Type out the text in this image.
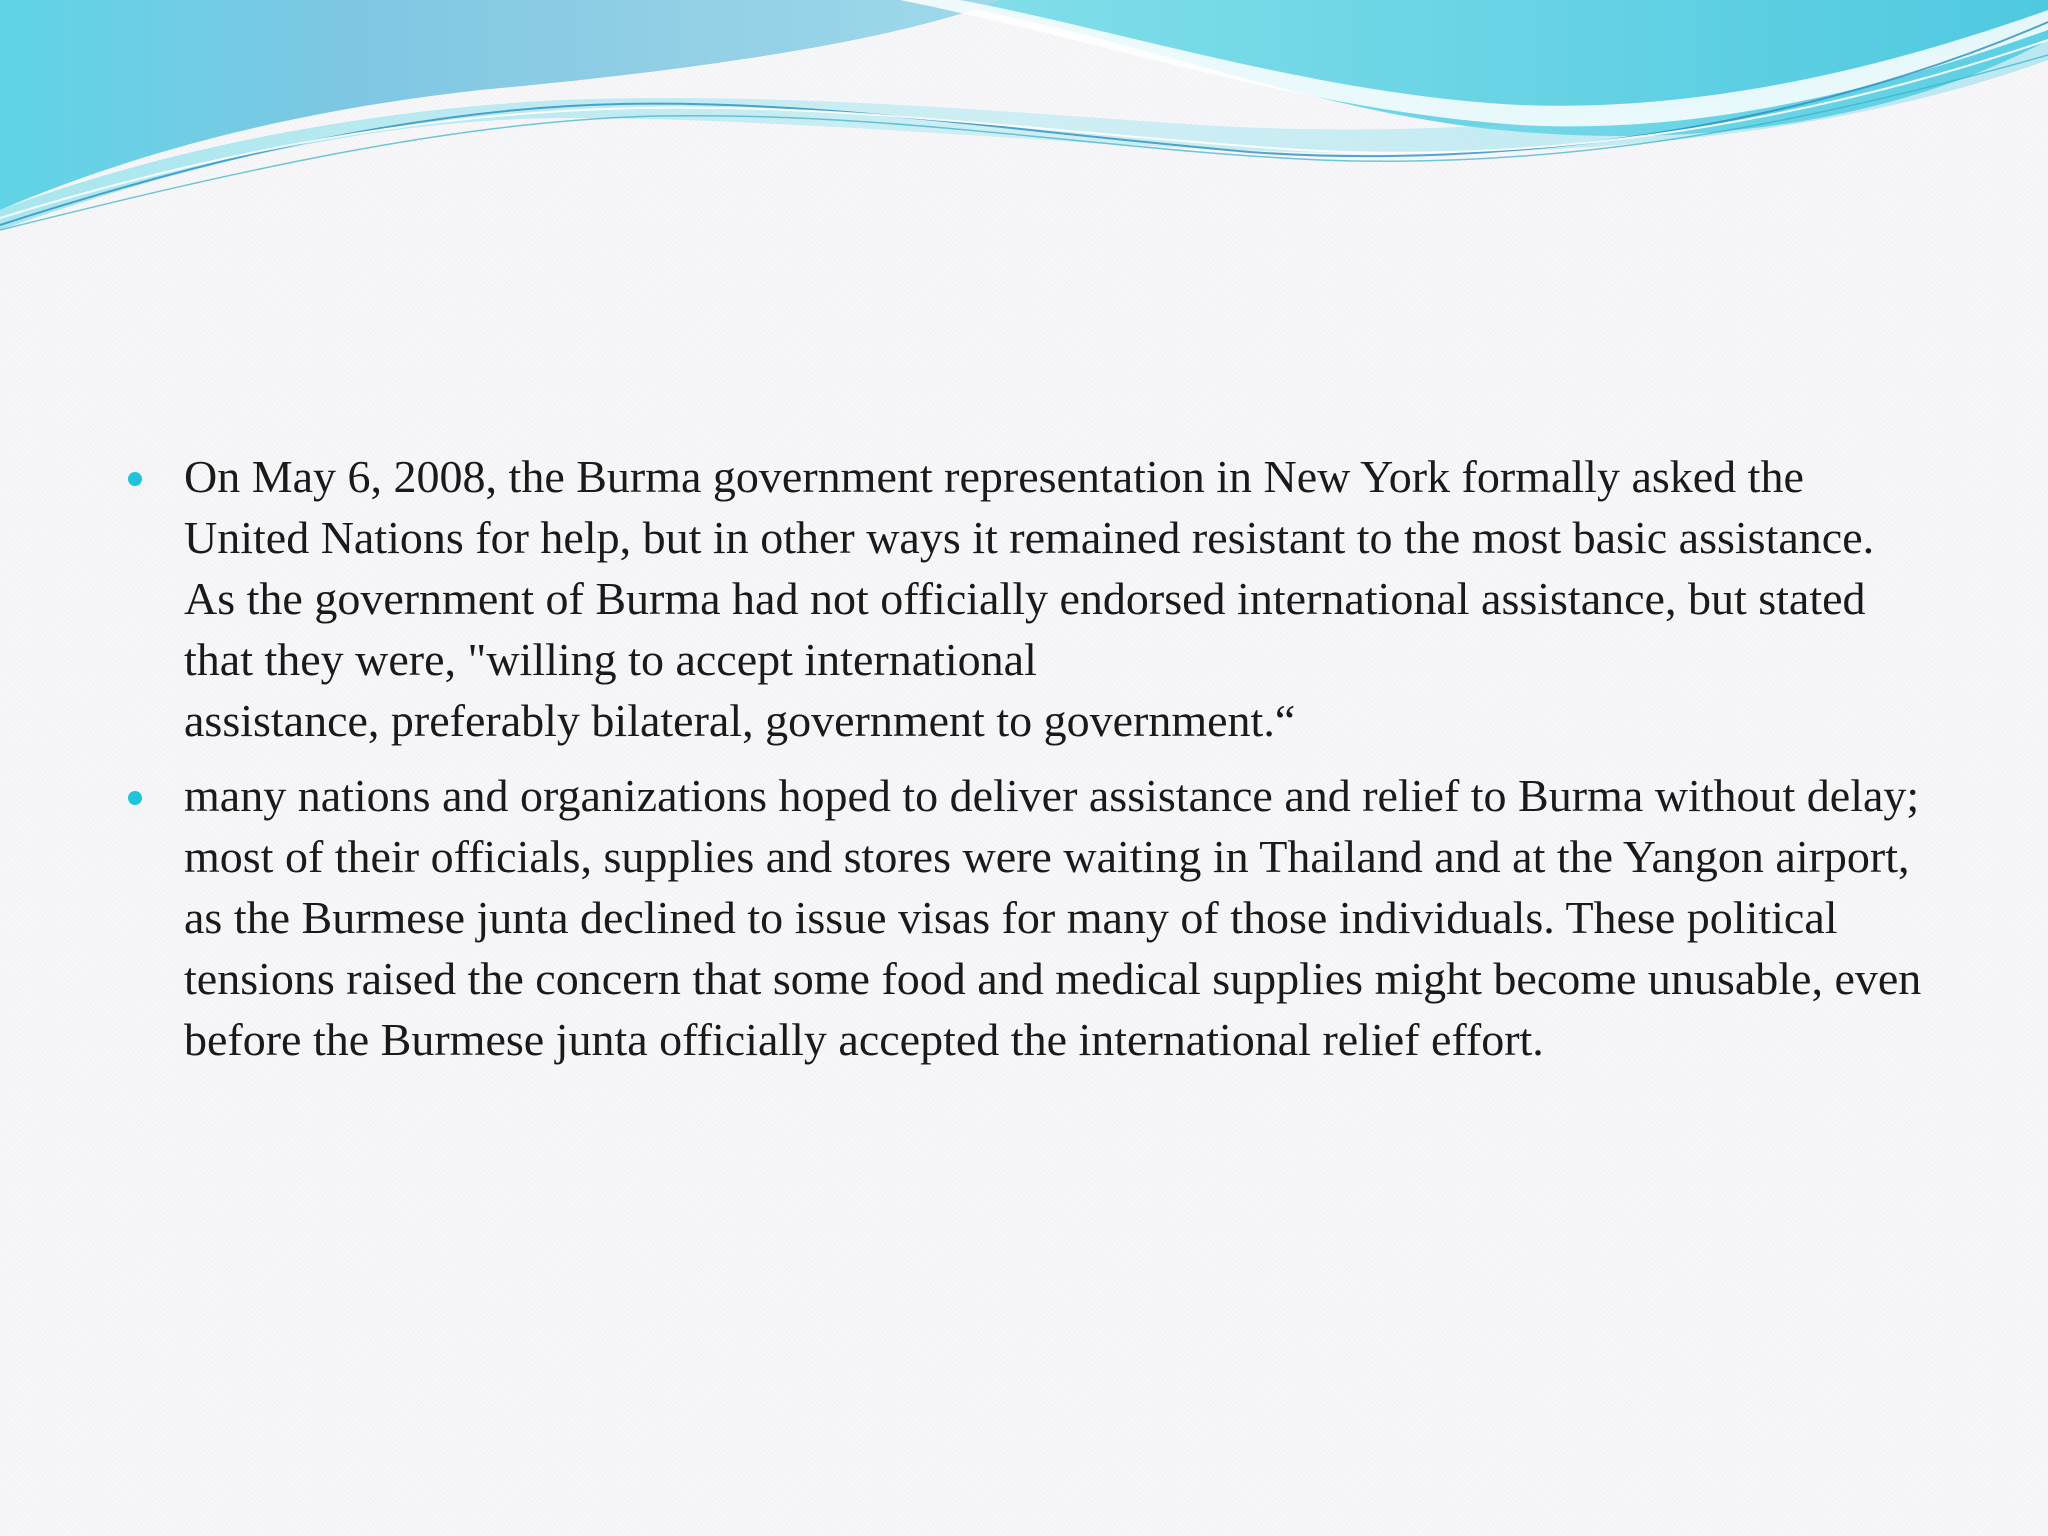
On May 6, 2008, the Burma government representation in New York formally asked the United Nations for help, but in other ways it remained resistant to the most basic assistance. As the government of Burma had not officially endorsed international assistance, but stated that they were, "willing to accept international
assistance, preferably bilateral, government to government.“
many nations and organizations hoped to deliver assistance and relief to Burma without delay; most of their officials, supplies and stores were waiting in Thailand and at the Yangon airport, as the Burmese junta declined to issue visas for many of those individuals. These political tensions raised the concern that some food and medical supplies might become unusable, even before the Burmese junta officially accepted the international relief effort.
